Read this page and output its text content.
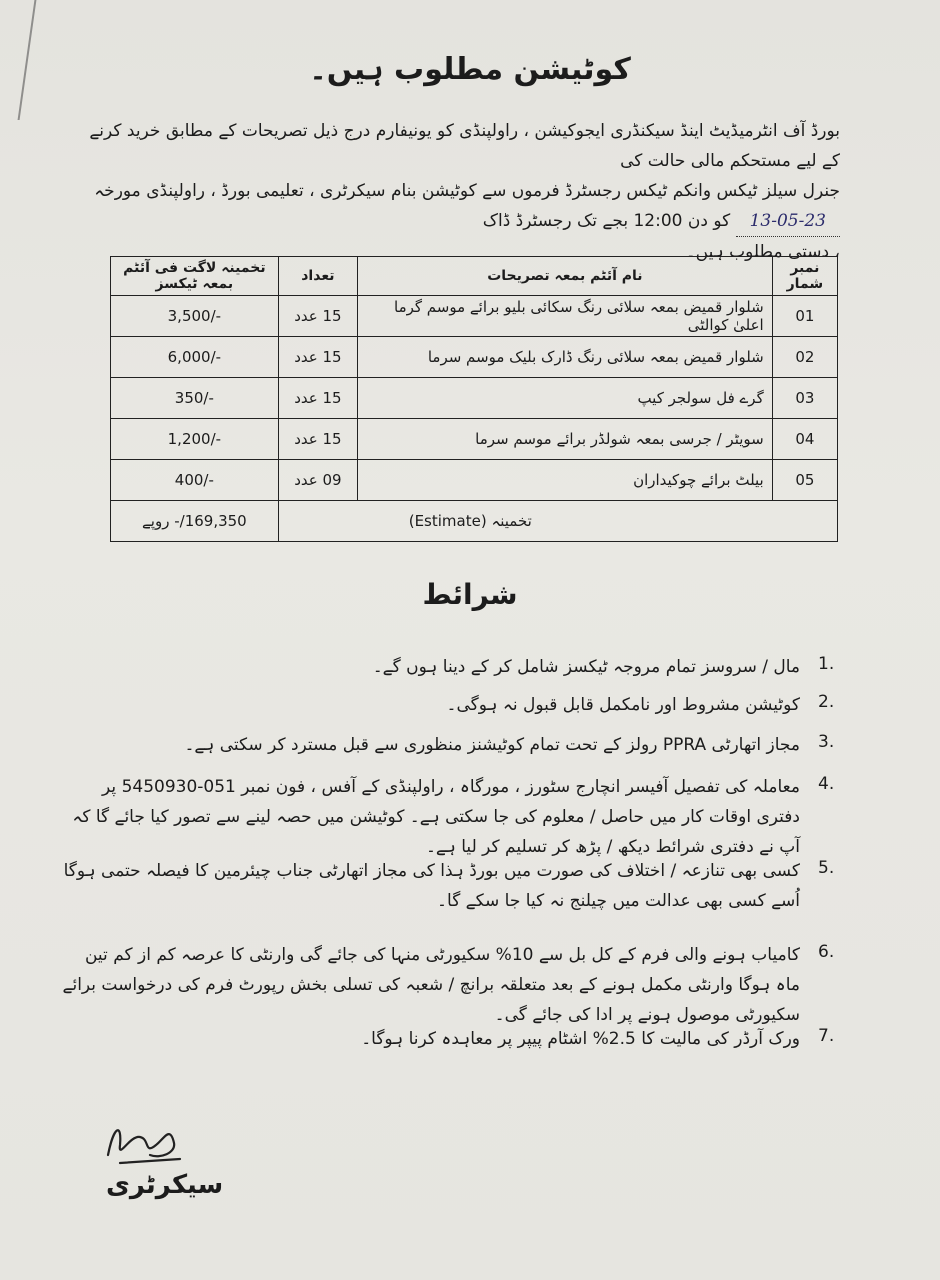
کوٹیشن مطلوب ہیں۔
بورڈ آف انٹرمیڈیٹ اینڈ سیکنڈری ایجوکیشن ، راولپنڈی کو یونیفارم درج ذیل تصریحات کے مطابق خرید کرنے کے لیے مستحکم مالی حالت کی
جنرل سیلز ٹیکس وانکم ٹیکس رجسٹرڈ فرموں سے کوٹیشن بنام سیکرٹری ، تعلیمی بورڈ ، راولپنڈی مورخہ 13-05-23 کو دن 12:00 بجے تک رجسٹرڈ ڈاک
، دستی مطلوب ہیں۔
نمبر شمار	نام آئٹم بمعہ تصریحات	تعداد	تخمینہ لاگت فی آئٹم بمعہ ٹیکسز
01	شلوار قمیض بمعہ سلائی رنگ سکائی بلیو برائے موسم گرما اعلیٰ کوالٹی	15 عدد	3,500/-
02	شلوار قمیض بمعہ سلائی رنگ ڈارک بلیک موسم سرما	15 عدد	6,000/-
03	گرے فل سولجر کیپ	15 عدد	350/-
04	سویٹر / جرسی بمعہ شولڈر برائے موسم سرما	15 عدد	1,200/-
05	بیلٹ برائے چوکیداران	09 عدد	400/-
تخمینہ (Estimate)			169,350/- روپے
شرائط
1.
مال / سروسز تمام مروجہ ٹیکسز شامل کر کے دینا ہوں گے۔
2.
کوٹیشن مشروط اور نامکمل قابل قبول نہ ہوگی۔
3.
مجاز اتھارٹی PPRA رولز کے تحت تمام کوٹیشنز منظوری سے قبل مسترد کر سکتی ہے۔
4.
معاملہ کی تفصیل آفیسر انچارج سٹورز ، مورگاہ ، راولپنڈی کے آفس ، فون نمبر 051-5450930 پر دفتری اوقات کار میں حاصل / معلوم کی جا سکتی ہے۔ کوٹیشن میں حصہ لینے سے تصور کیا جائے گا کہ آپ نے دفتری شرائط دیکھ / پڑھ کر تسلیم کر لیا ہے۔
5.
کسی بھی تنازعہ / اختلاف کی صورت میں بورڈ ہذا کی مجاز اتھارٹی جناب چیئرمین کا فیصلہ حتمی ہوگا اُسے کسی بھی عدالت میں چیلنج نہ کیا جا سکے گا۔
6.
کامیاب ہونے والی فرم کے کل بل سے 10% سکیورٹی منہا کی جائے گی وارنٹی کا عرصہ کم از کم تین ماہ ہوگا وارنٹی مکمل ہونے کے بعد متعلقہ برانچ / شعبہ کی تسلی بخش رپورٹ فرم کی درخواست برائے سکیورٹی موصول ہونے پر ادا کی جائے گی۔
7.
ورک آرڈر کی مالیت کا 2.5% اشٹام پیپر پر معاہدہ کرنا ہوگا۔
سیکرٹری
